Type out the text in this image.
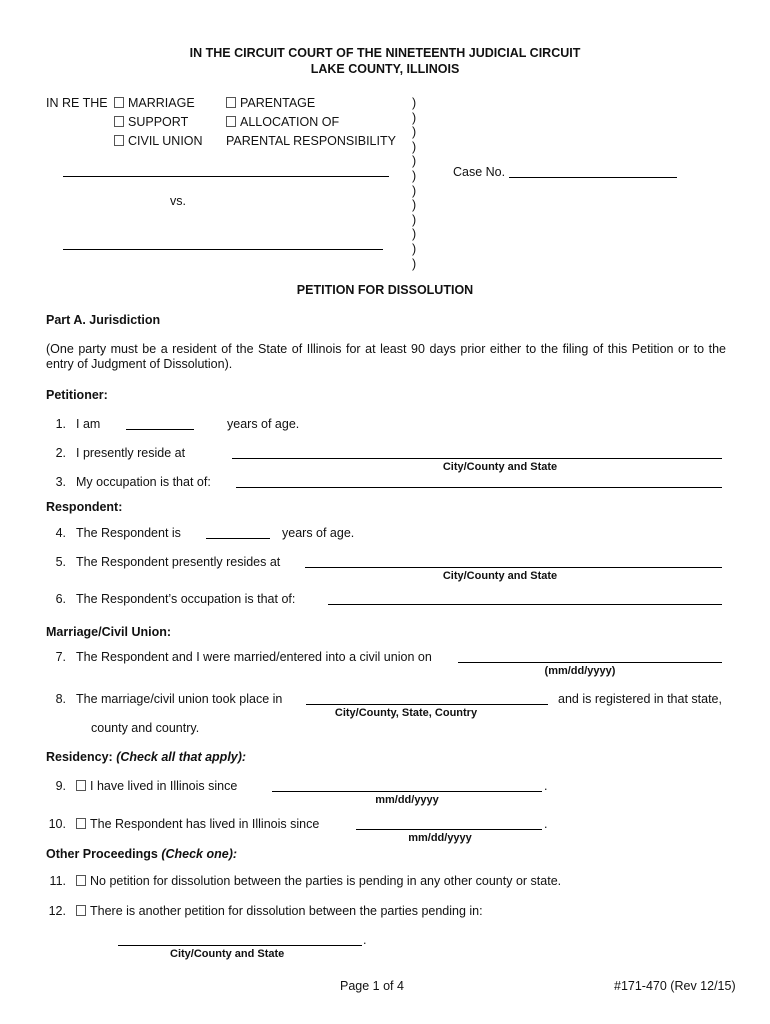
IN THE CIRCUIT COURT OF THE NINETEENTH JUDICIAL CIRCUIT
LAKE COUNTY, ILLINOIS
IN RE THE	MARRIAGE
SUPPORT
CIVIL UNION
PARENTAGE
ALLOCATION OF
PARENTAL RESPONSIBILITY
)
)
)
)
)
)
)
)
)
)
)
)
vs.
Case No.
PETITION FOR DISSOLUTION
Part A. Jurisdiction
(One party must be a resident of the State of Illinois for at least 90 days prior either to the filing of this Petition or to the entry of Judgment of Dissolution).
Petitioner:
1. I am	years of age.
2. I presently reside at
City/County and State
3. My occupation is that of:
Respondent:
4. The Respondent is	years of age.
5. The Respondent presently resides at
City/County and State
6. The Respondent’s occupation is that of:
Marriage/Civil Union:
7. The Respondent and I were married/entered into a civil union on
(mm/dd/yyyy)
8. The marriage/civil union took place in	and is registered in that state,
City/County, State, Country
county and country.
Residency: (Check all that apply):
9. I have lived in Illinois since	.
mm/dd/yyyy
10. The Respondent has lived in Illinois since	.
mm/dd/yyyy
Other Proceedings (Check one):
11. No petition for dissolution between the parties is pending in any other county or state.
12. There is another petition for dissolution between the parties pending in:
.
City/County and State
Page 1 of 4	#171-470 (Rev 12/15)
